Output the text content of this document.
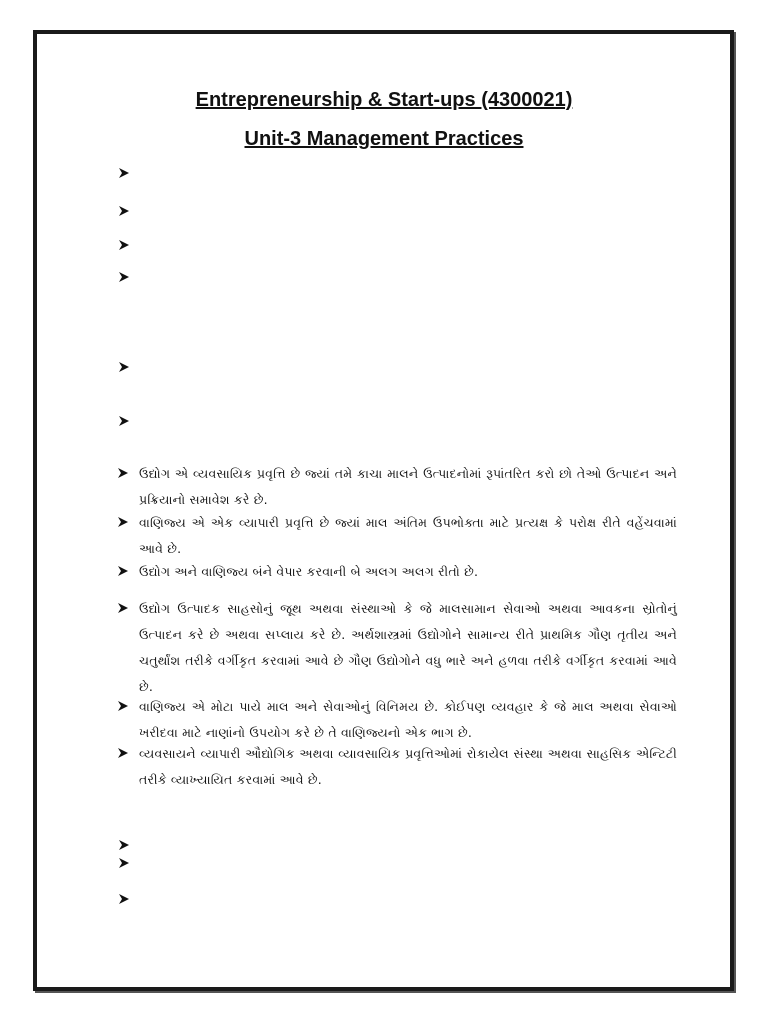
Entrepreneurship & Start-ups (4300021)
Unit-3 Management Practices
ઉદ્યોગ એ વ્યવસાયિક પ્રવૃત્તિ છે જ્યાં તમે કાચા માલને ઉત્પાદનોમાં રૂપાંતરિત કરો છો તેઓ ઉત્પાદન અને પ્રક્રિયાનો સમાવેશ કરે છે.
વાણિજ્ય એ એક વ્યાપારી પ્રવૃત્તિ છે જ્યાં માલ અંતિમ ઉપભોક્તા માટે પ્રત્યક્ષ કે પરોક્ષ રીતે વહેંચવામાં આવે છે.
ઉદ્યોગ અને વાણિજ્ય બંને વેપાર કરવાની બે અલગ અલગ રીતો છે.
ઉદ્યોગ ઉત્પાદક સાહસોનું જૂથ અથવા સંસ્થાઓ કે જે માલસામાન સેવાઓ અથવા આવકના સ્રોતોનું ઉત્પાદન કરે છે અથવા સપ્લાય કરે છે. અર્થશાસ્ત્રમાં ઉદ્યોગોને સામાન્ય રીતે પ્રાથમિક ગૌણ તૃતીય અને ચતુર્થાંશ તરીકે વર્ગીકૃત કરવામાં આવે છે ગૌણ ઉદ્યોગોને વધુ ભારે અને હળવા તરીકે વર્ગીકૃત કરવામાં આવે છે.
વાણિજ્ય એ મોટા પાયે માલ અને સેવાઓનું વિનિમય છે. કોઈપણ વ્યવહાર કે જે માલ અથવા સેવાઓ ખરીદવા માટે નાણાંનો ઉપયોગ કરે છે તે વાણિજ્યનો એક ભાગ છે.
વ્યવસાયને વ્યાપારી ઔદ્યોગિક અથવા વ્યાવસાયિક પ્રવૃત્તિઓમાં રોકાયેલ સંસ્થા અથવા સાહસિક એન્ટિટી તરીકે વ્યાખ્યાયિત કરવામાં આવે છે.
